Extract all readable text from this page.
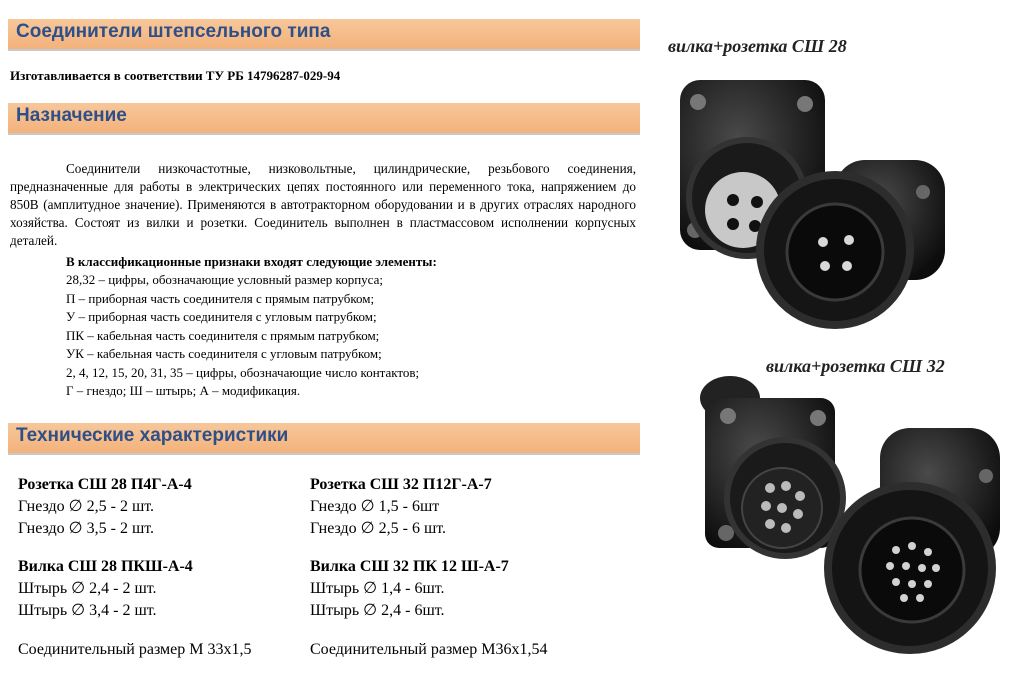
Соединители штепсельного типа
Изготавливается в соответствии ТУ РБ 14796287-029-94
Назначение

Соединители низкочастотные, низковольтные, цилиндрические, резьбового соединения, предназначенные для работы в электрических цепях постоянного или переменного тока, напряжением до 850В (амплитудное значение). Применяются в автотракторном оборудовании и в других отраслях народного хозяйства. Состоят из вилки и розетки. Соединитель выполнен в пластмассовом исполнении корпусных деталей.

В классификационные признаки входят следующие элементы:
28,32 – цифры, обозначающие условный размер корпуса;
П – приборная часть соединителя с прямым патрубком;
У – приборная часть соединителя с угловым патрубком;
ПК – кабельная часть соединителя с прямым патрубком;
УК – кабельная часть соединителя с угловым патрубком;
2, 4, 12, 15, 20, 31, 35 – цифры, обозначающие число контактов;
Г – гнездо; Ш – штырь; А – модификация.
Технические характеристики
Розетка СШ 28 П4Г-А-4
Гнездо ∅ 2,5 - 2 шт.
Гнездо ∅ 3,5 - 2 шт.
Вилка СШ 28 ПКШ-А-4
Штырь ∅ 2,4 - 2 шт.
Штырь ∅ 3,4 - 2 шт.
Соединительный размер М 33х1,5
Розетка СШ 32 П12Г-А-7
Гнездо ∅ 1,5 - 6шт
Гнездо ∅ 2,5 - 6 шт.
Вилка СШ 32 ПК 12 Ш-А-7
Штырь ∅ 1,4 - 6шт.
Штырь ∅ 2,4 - 6шт.
Соединительный размер М36х1,54
вилка+розетка СШ 28
вилка+розетка СШ 32
